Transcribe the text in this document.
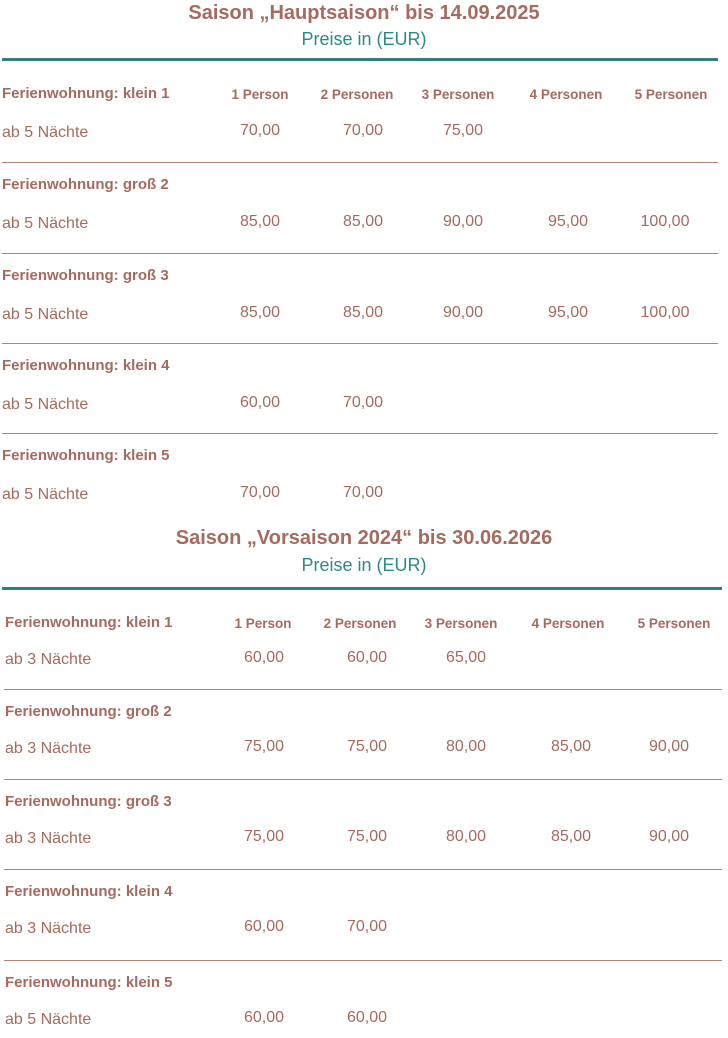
Saison „Hauptsaison“ bis 14.09.2025
Preise in (EUR)
Ferienwohnung: klein 1	1 Person	2 Personen	3 Personen	4 Personen	5 Personen
ab 5 Nächte	70,00	70,00	75,00
Ferienwohnung: groß 2
ab 5 Nächte	85,00	85,00	90,00	95,00	100,00
Ferienwohnung: groß 3
ab 5 Nächte	85,00	85,00	90,00	95,00	100,00
Ferienwohnung: klein 4
ab 5 Nächte	60,00	70,00
Ferienwohnung: klein 5
ab 5 Nächte	70,00	70,00
Saison „Vorsaison 2024“ bis 30.06.2026
Preise in (EUR)
Ferienwohnung: klein 1	1 Person	2 Personen	3 Personen	4 Personen	5 Personen
ab 3 Nächte	60,00	60,00	65,00
Ferienwohnung: groß 2
ab 3 Nächte	75,00	75,00	80,00	85,00	90,00
Ferienwohnung: groß 3
ab 3 Nächte	75,00	75,00	80,00	85,00	90,00
Ferienwohnung: klein 4
ab 3 Nächte	60,00	70,00
Ferienwohnung: klein 5
ab 5 Nächte	60,00	60,00
